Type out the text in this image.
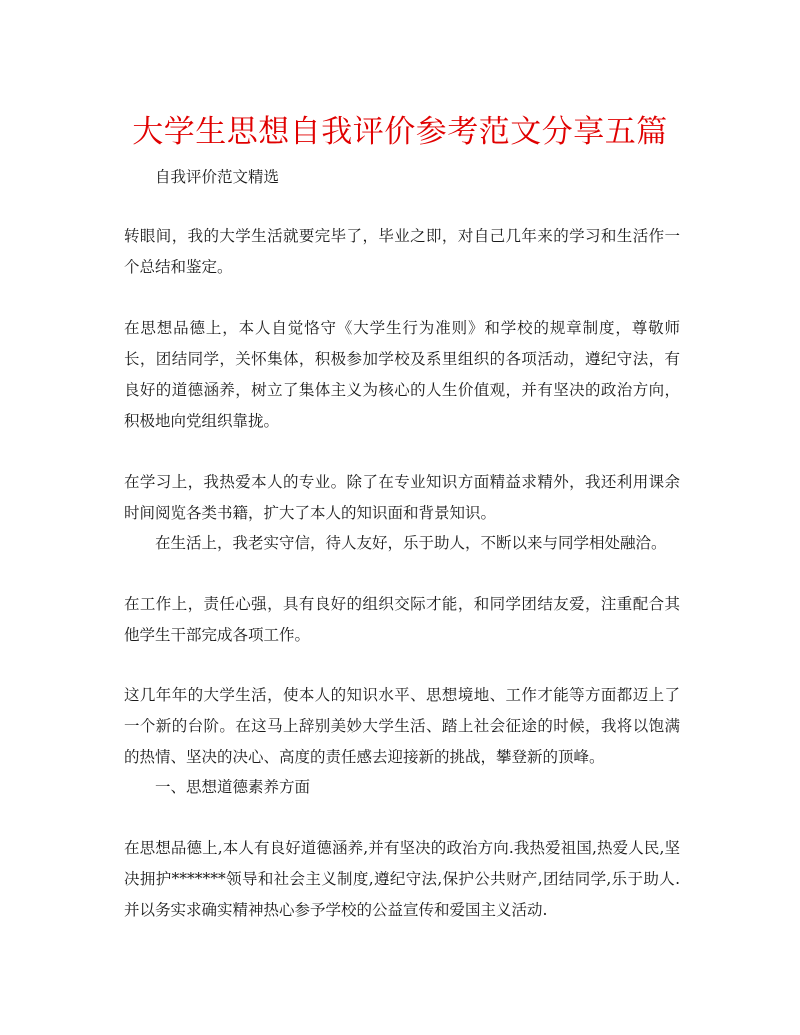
大学生思想自我评价参考范文分享五篇
自我评价范文精选
转眼间，我的大学生活就要完毕了，毕业之即，对自己几年来的学习和生活作一个总结和鉴定。
在思想品德上，本人自觉恪守《大学生行为准则》和学校的规章制度，尊敬师长，团结同学，关怀集体，积极参加学校及系里组织的各项活动，遵纪守法，有良好的道德涵养，树立了集体主义为核心的人生价值观，并有坚决的政治方向，积极地向党组织靠拢。
在学习上，我热爱本人的专业。除了在专业知识方面精益求精外，我还利用课余时间阅览各类书籍，扩大了本人的知识面和背景知识。
在生活上，我老实守信，待人友好，乐于助人，不断以来与同学相处融洽。
在工作上，责任心强，具有良好的组织交际才能，和同学团结友爱，注重配合其他学生干部完成各项工作。
这几年年的大学生活，使本人的知识水平、思想境地、工作才能等方面都迈上了一个新的台阶。在这马上辞别美妙大学生活、踏上社会征途的时候，我将以饱满的热情、坚决的决心、高度的责任感去迎接新的挑战，攀登新的顶峰。
一、思想道德素养方面
在思想品德上,本人有良好道德涵养,并有坚决的政治方向.我热爱祖国,热爱人民,坚决拥护*******领导和社会主义制度,遵纪守法,保护公共财产,团结同学,乐于助人.并以务实求确实精神热心参予学校的公益宣传和爱国主义活动.
